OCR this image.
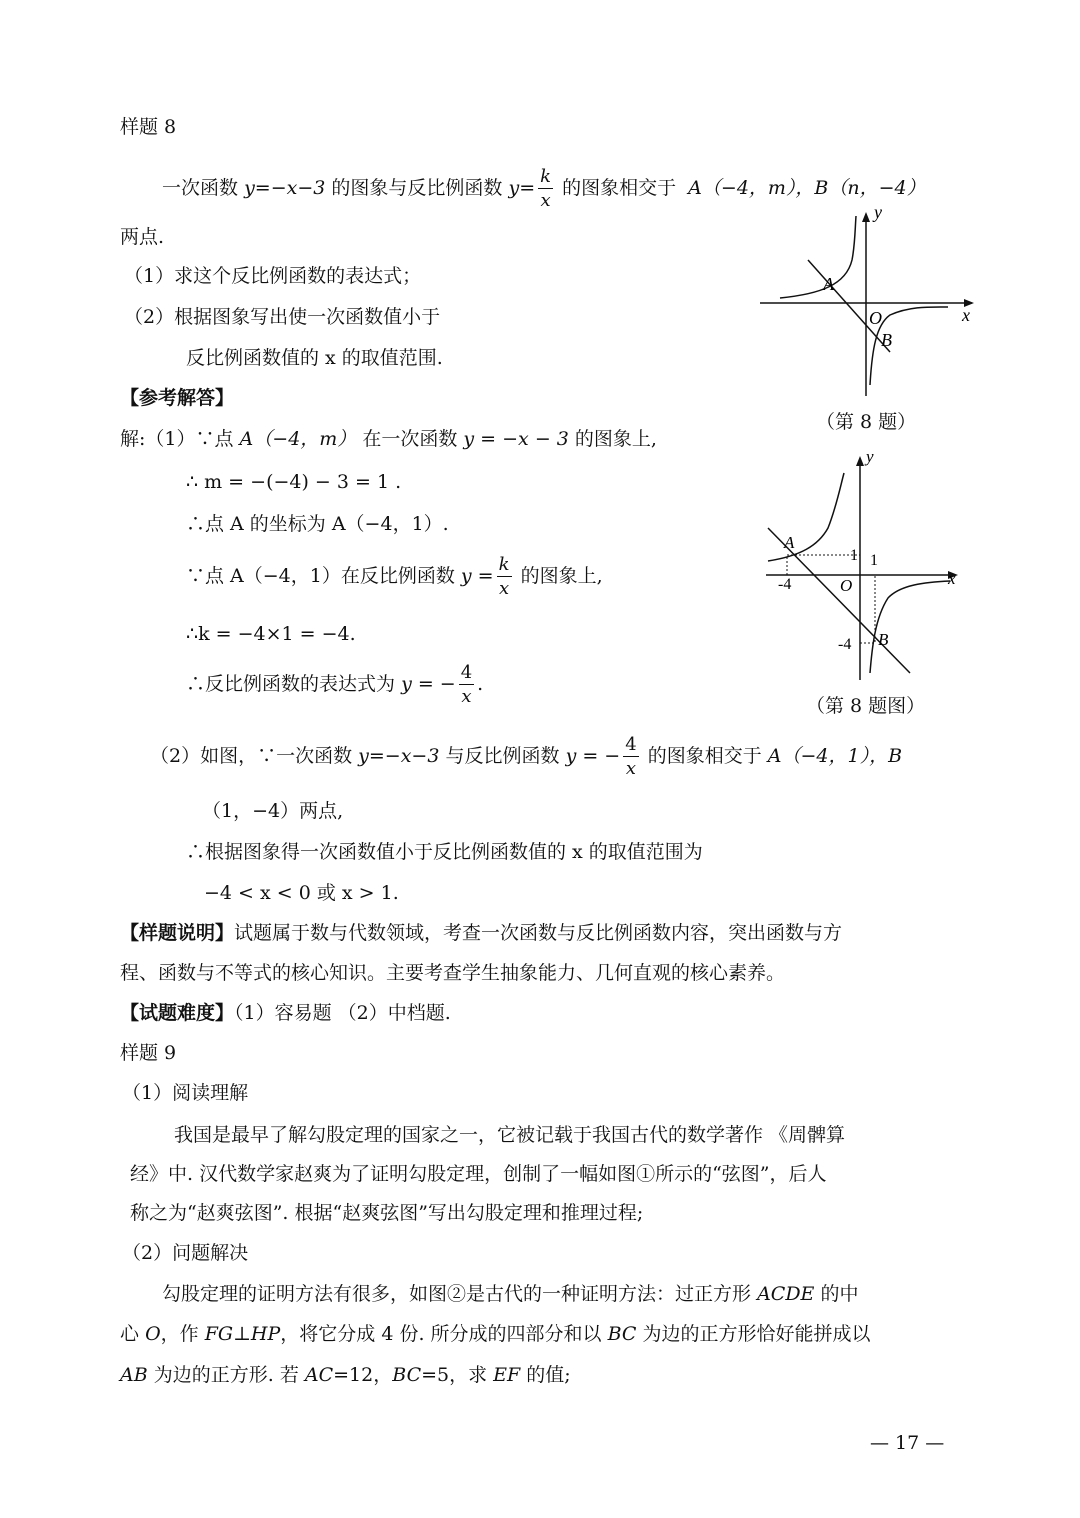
样题 8
一次函数 y=−x−3 的图象与反比例函数 $y= \frac{k}{x}$ 的图象相交于 A（−4，m），B（n，−4）
两点.
（1）求这个反比例函数的表达式；
（2）根据图象写出使一次函数值小于
反比例函数值的 x 的取值范围.
【参考解答】
解:（1）∵点 A（−4，m） 在一次函数 y = −x − 3 的图象上,
∴ m = −(−4) − 3 = 1 .
∴点 A 的坐标为 A（−4，1）.
∵点 A（−4，1）在反比例函数 $y = \frac{k}{x}$ 的图象上,
∴k = −4×1 = −4.
∴反比例函数的表达式为 y = − $\frac{4}{x}$ .
（2）如图，∵一次函数 y=−x−3 与反比例函数 y = − $\frac{4}{x}$ 的图象相交于 A（−4，1），B
（1，−4）两点,
∴根据图象得一次函数值小于反比例函数值的 x 的取值范围为
−4 < x < 0 或 x > 1.
【样题说明】试题属于数与代数领域，考查一次函数与反比例函数内容，突出函数与方
程、函数与不等式的核心知识。主要考查学生抽象能力、几何直观的核心素养。
【试题难度】（1）容易题 （2）中档题.
A
O
B
x
y
（第 8 题）
A
1 1
-4	O	x
y
-4 B
（第 8 题图）
样题 9
（1）阅读理解
我国是最早了解勾股定理的国家之一，它被记载于我国古代的数学著作 《周髀算
经》中. 汉代数学家赵爽为了证明勾股定理，创制了一幅如图①所示的“弦图”，后人
称之为“赵爽弦图”. 根据“赵爽弦图”写出勾股定理和推理过程;
（2）问题解决
勾股定理的证明方法有很多，如图②是古代的一种证明方法：过正方形 ACDE 的中
心 O，作 FG⊥HP，将它分成 4 份. 所分成的四部分和以 BC 为边的正方形恰好能拼成以
AB 为边的正方形. 若 AC=12，BC=5，求 EF 的值;
— 17 —
